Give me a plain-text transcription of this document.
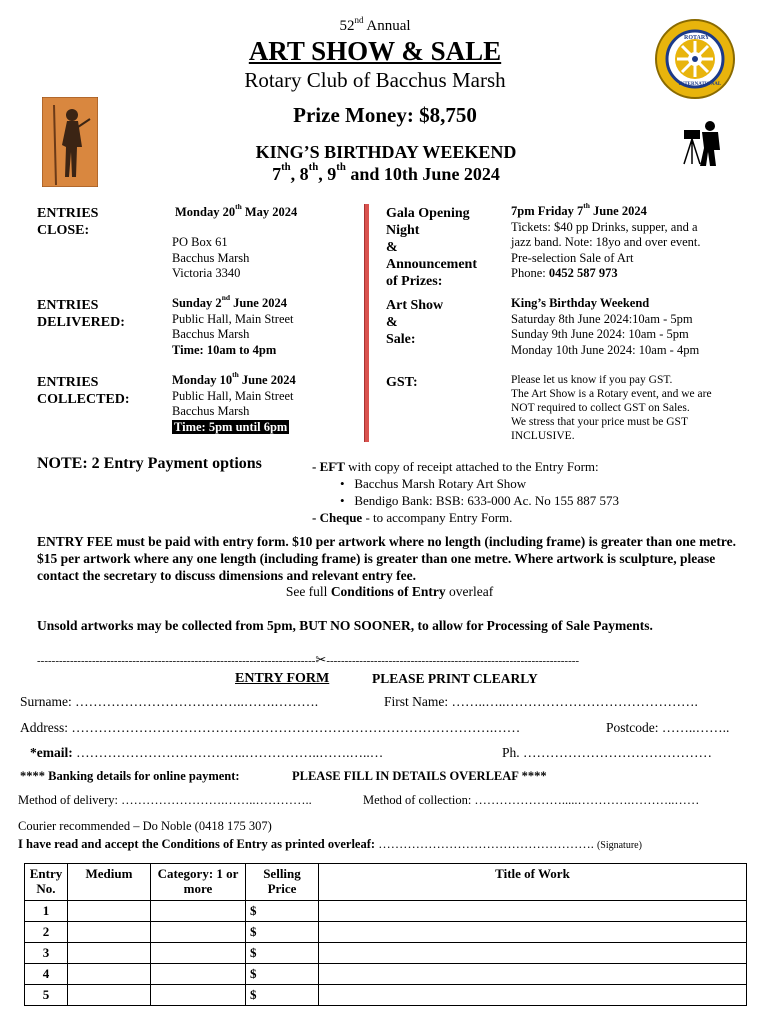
52nd Annual
ART SHOW & SALE
Rotary Club of Bacchus Marsh
Prize Money: $8,750
KING’S BIRTHDAY WEEKEND
7th, 8th, 9th and 10th June 2024
ENTRIES CLOSE:
Monday 20th May 2024
PO Box 61
Bacchus Marsh
Victoria 3340
ENTRIES DELIVERED:
Sunday 2nd June 2024
Public Hall, Main Street
Bacchus Marsh
Time: 10am to 4pm
ENTRIES COLLECTED:
Monday 10th June 2024
Public Hall, Main Street
Bacchus Marsh
Time: 5pm until 6pm
Gala Opening
Night
&
Announcement
of Prizes:
7pm Friday 7th June 2024
Tickets: $40 pp Drinks, supper, and a
jazz band. Note: 18yo and over event.
Pre-selection Sale of Art
Phone: 0452 587 973
Art Show
&
Sale:
King’s Birthday Weekend
Saturday 8th June 2024:10am - 5pm
Sunday 9th June 2024: 10am - 5pm
Monday 10th June 2024: 10am - 4pm
GST:	Please let us know if you pay GST.
The Art Show is a Rotary event, and we are
NOT required to collect GST on Sales.
We stress that your price must be GST
INCLUSIVE.
NOTE: 2 Entry Payment options	- EFT with copy of receipt attached to the Entry Form:
•   Bacchus Marsh Rotary Art Show
•   Bendigo Bank: BSB: 633-000 Ac. No 155 887 573
- Cheque - to accompany Entry Form.
ENTRY FEE must be paid with entry form. $10 per artwork where no length (including frame) is greater than one metre. $15 per artwork where any one length (including frame) is greater than one metre. Where artwork is sculpture, please contact the secretary to discuss dimensions and relevant entry fee.
See full Conditions of Entry overleaf
Unsold artworks may be collected from 5pm, BUT NO SOONER, to allow for Processing of Sale Payments.
----------------------------------------------------------------------------✂---------------------------------------------------------------------
ENTRY FORM	PLEASE PRINT CLEARLY
Surname: ………………………………..…….……….	First Name: ……..…..…………………………………….
Address: ………………………………………………………………………………….……	Postcode: ……..……..
*email: ………………………………..……………..…….…..…	Ph. ……………………………………
**** Banking details for online payment:	PLEASE FILL IN DETAILS OVERLEAF ****
Method of delivery: …………………….……..…………..	Method of collection: ………………….....………….………..……
Courier recommended – Do Noble (0418 175 307)
I have read and accept the Conditions of Entry as printed overleaf: ……………………………………………. (Signature)
Entry No.	Medium	Category: 1 or more	Selling Price	Title of Work
1			$	
2			$	
3			$	
4			$	
5			$	
ROTARY
INTERNATIONAL
